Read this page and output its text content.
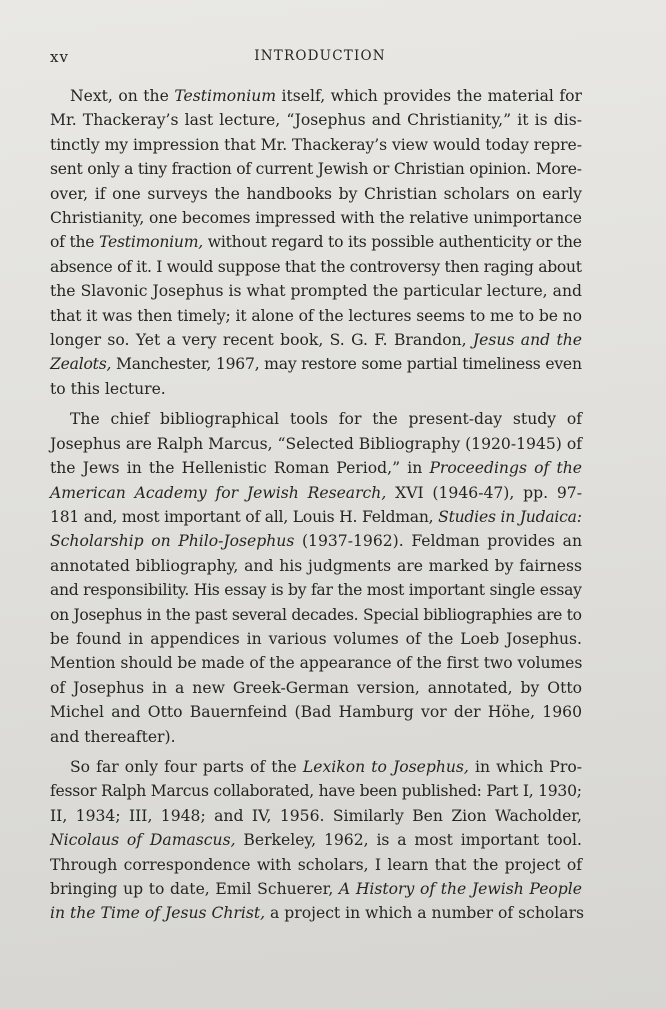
xv	INTRODUCTION
Next, on the Testimonium itself, which provides the material for
Mr. Thackeray’s last lecture, “Josephus and Christianity,” it is dis-
tinctly my impression that Mr. Thackeray’s view would today repre-
sent only a tiny fraction of current Jewish or Christian opinion. More-
over, if one surveys the handbooks by Christian scholars on early
Christianity, one becomes impressed with the relative unimportance
of the Testimonium, without regard to its possible authenticity or the
absence of it. I would suppose that the controversy then raging about
the Slavonic Josephus is what prompted the particular lecture, and
that it was then timely; it alone of the lectures seems to me to be no
longer so. Yet a very recent book, S. G. F. Brandon, Jesus and the
Zealots, Manchester, 1967, may restore some partial timeliness even
to this lecture.
The chief bibliographical tools for the present-day study of
Josephus are Ralph Marcus, “Selected Bibliography (1920-1945) of
the Jews in the Hellenistic Roman Period,” in Proceedings of the
American Academy for Jewish Research, XVI (1946-47), pp. 97-
181 and, most important of all, Louis H. Feldman, Studies in Judaica:
Scholarship on Philo-Josephus (1937-1962). Feldman provides an
annotated bibliography, and his judgments are marked by fairness
and responsibility. His essay is by far the most important single essay
on Josephus in the past several decades. Special bibliographies are to
be found in appendices in various volumes of the Loeb Josephus.
Mention should be made of the appearance of the first two volumes
of Josephus in a new Greek-German version, annotated, by Otto
Michel and Otto Bauernfeind (Bad Hamburg vor der Höhe, 1960
and thereafter).
So far only four parts of the Lexikon to Josephus, in which Pro-
fessor Ralph Marcus collaborated, have been published: Part I, 1930;
II, 1934; III, 1948; and IV, 1956. Similarly Ben Zion Wacholder,
Nicolaus of Damascus, Berkeley, 1962, is a most important tool.
Through correspondence with scholars, I learn that the project of
bringing up to date, Emil Schuerer, A History of the Jewish People
in the Time of Jesus Christ, a project in which a number of scholars
